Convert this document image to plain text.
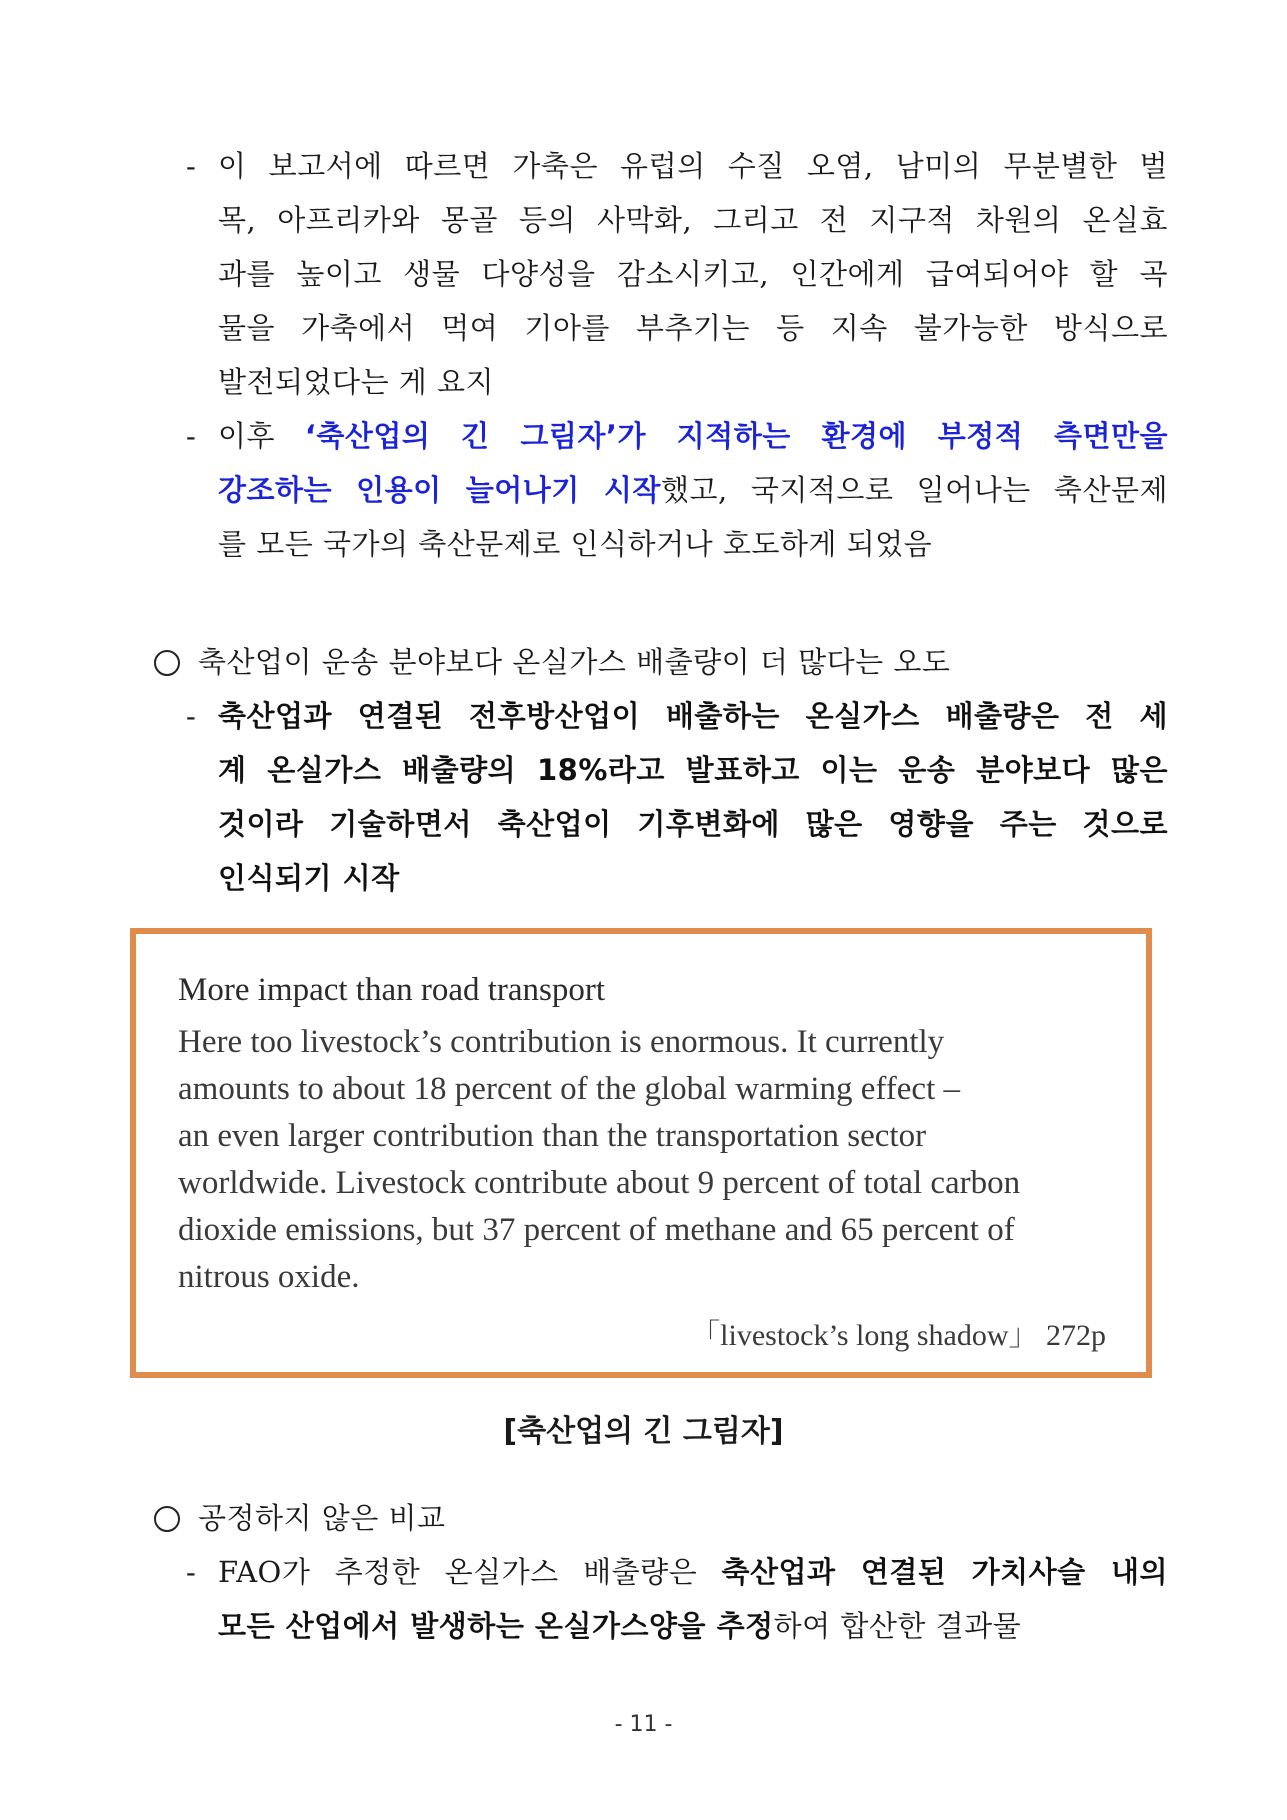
- 이 보고서에 따르면 가축은 유럽의 수질 오염, 남미의 무분별한 벌
목, 아프리카와 몽골 등의 사막화, 그리고 전 지구적 차원의 온실효
과를 높이고 생물 다양성을 감소시키고, 인간에게 급여되어야 할 곡
물을 가축에서 먹여 기아를 부추기는 등 지속 불가능한 방식으로
발전되었다는 게 요지
- 이후 ‘축산업의 긴 그림자’가 지적하는 환경에 부정적 측면만을
강조하는 인용이 늘어나기 시작했고, 국지적으로 일어나는 축산문제
를 모든 국가의 축산문제로 인식하거나 호도하게 되었음
축산업이 운송 분야보다 온실가스 배출량이 더 많다는 오도
- 축산업과 연결된 전후방산업이 배출하는 온실가스 배출량은 전 세
계 온실가스 배출량의 18%라고 발표하고 이는 운송 분야보다 많은
것이라 기술하면서 축산업이 기후변화에 많은 영향을 주는 것으로
인식되기 시작
More impact than road transport
Here too livestock’s contribution is enormous. It currently
amounts to about 18 percent of the global warming effect –
an even larger contribution than the transportation sector
worldwide. Livestock contribute about 9 percent of total carbon
dioxide emissions, but 37 percent of methane and 65 percent of
nitrous oxide.
「livestock’s long shadow」 272p
[축산업의 긴 그림자]
공정하지 않은 비교
- FAO가 추정한 온실가스 배출량은 축산업과 연결된 가치사슬 내의
모든 산업에서 발생하는 온실가스양을 추정하여 합산한 결과물
- 11 -
